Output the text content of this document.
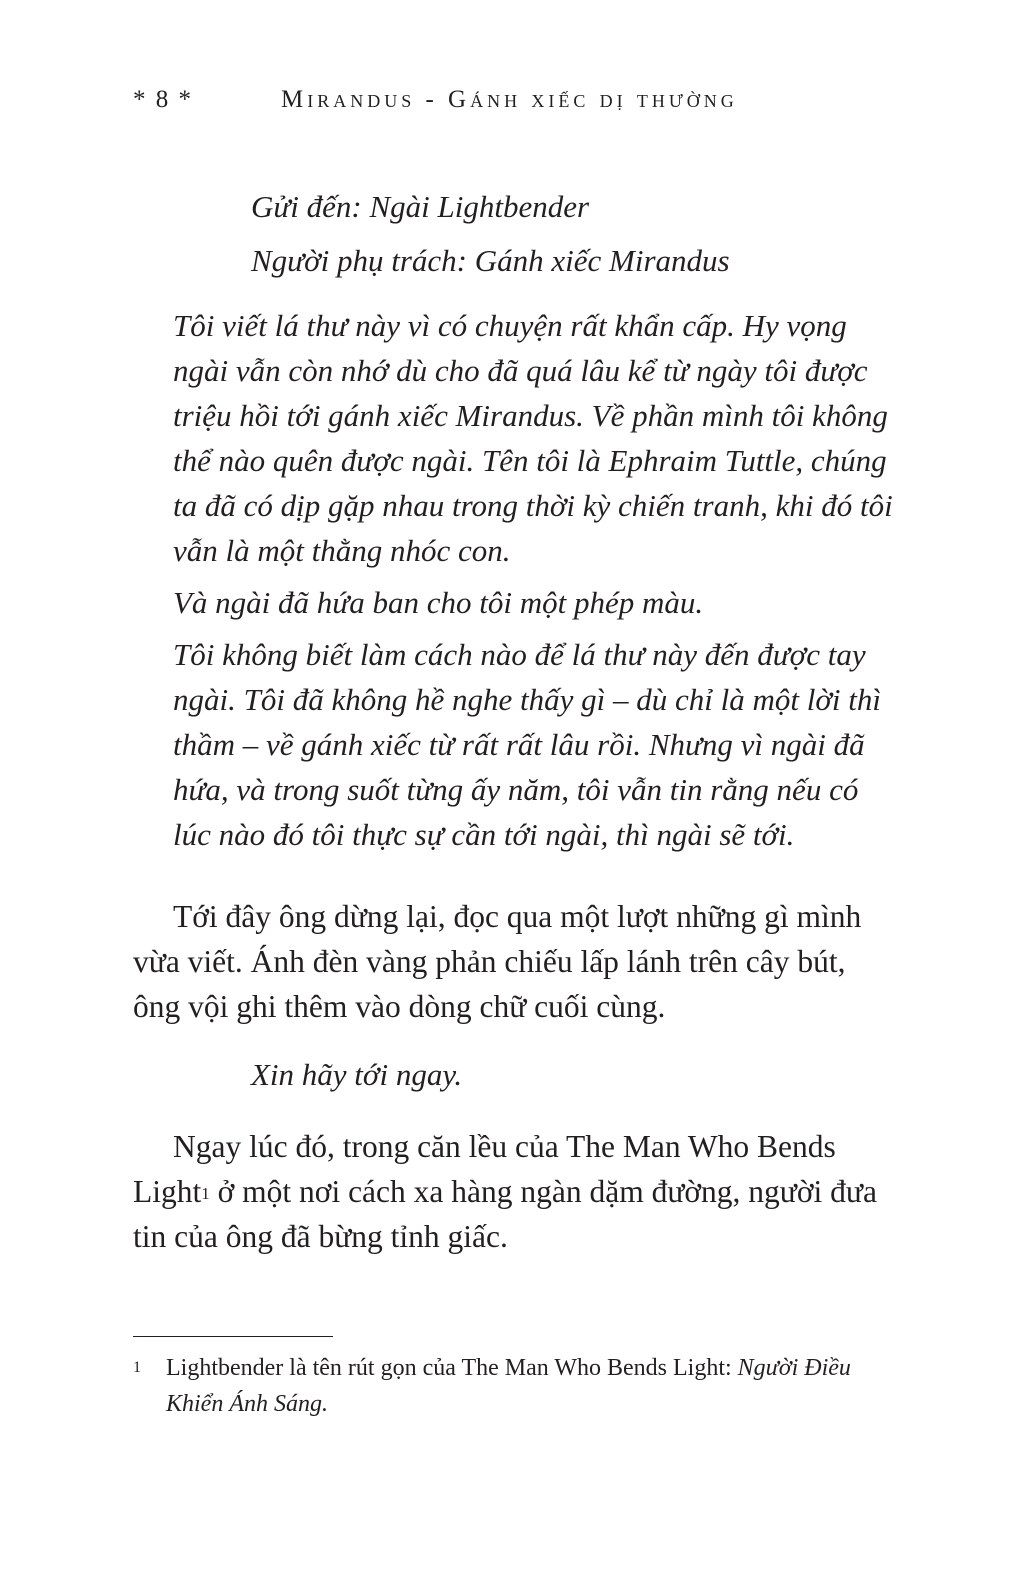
* 8 *	Mirandus - Gánh xiếc dị thường
Gửi đến: Ngài Lightbender
Người phụ trách: Gánh xiếc Mirandus

Tôi viết lá thư này vì có chuyện rất khẩn cấp. Hy vọng ngài vẫn còn nhớ dù cho đã quá lâu kể từ ngày tôi được triệu hồi tới gánh xiếc Mirandus. Về phần mình tôi không thể nào quên được ngài. Tên tôi là Ephraim Tuttle, chúng ta đã có dịp gặp nhau trong thời kỳ chiến tranh, khi đó tôi vẫn là một thằng nhóc con.

Và ngài đã hứa ban cho tôi một phép màu.

Tôi không biết làm cách nào để lá thư này đến được tay ngài. Tôi đã không hề nghe thấy gì – dù chỉ là một lời thì thầm – về gánh xiếc từ rất rất lâu rồi. Nhưng vì ngài đã hứa, và trong suốt từng ấy năm, tôi vẫn tin rằng nếu có lúc nào đó tôi thực sự cần tới ngài, thì ngài sẽ tới.

Tới đây ông dừng lại, đọc qua một lượt những gì mình vừa viết. Ánh đèn vàng phản chiếu lấp lánh trên cây bút, ông vội ghi thêm vào dòng chữ cuối cùng.

Xin hãy tới ngay.

Ngay lúc đó, trong căn lều của The Man Who Bends Light$^1$ ở một nơi cách xa hàng ngàn dặm đường, người đưa tin của ông đã bừng tỉnh giấc.

1 Lightbender là tên rút gọn của The Man Who Bends Light: Người Điều Khiển Ánh Sáng.
